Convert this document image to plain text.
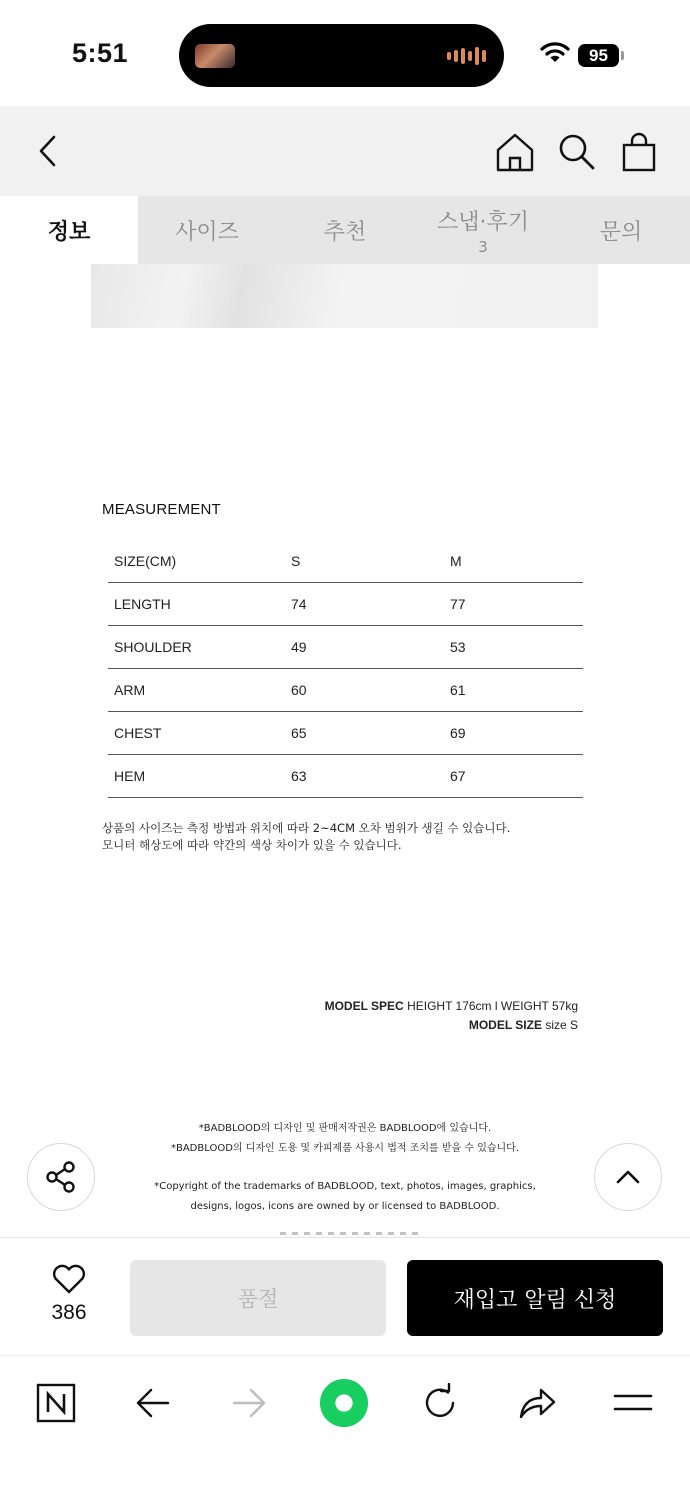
5:51	95
정보	사이즈	추천	스냅·후기
3
문의
MEASUREMENT
SIZE(CM)	S	M
LENGTH	74	77
SHOULDER	49	53
ARM	60	61
CHEST	65	69
HEM	63	67
상품의 사이즈는 측정 방법과 위치에 따라 2~4CM 오차 범위가 생길 수 있습니다.
모니터 해상도에 따라 약간의 색상 차이가 있을 수 있습니다.
MODEL SPEC HEIGHT 176cm l WEIGHT 57kg
MODEL SIZE size S
*BADBLOOD의 디자인 및 판매저작권은 BADBLOOD에 있습니다.
*BADBLOOD의 디자인 도용 및 카피제품 사용시 법적 조치를 받을 수 있습니다.
*Copyright of the trademarks of BADBLOOD, text, photos, images, graphics,
designs, logos, icons are owned by or licensed to BADBLOOD.
386
품절	재입고 알림 신청
